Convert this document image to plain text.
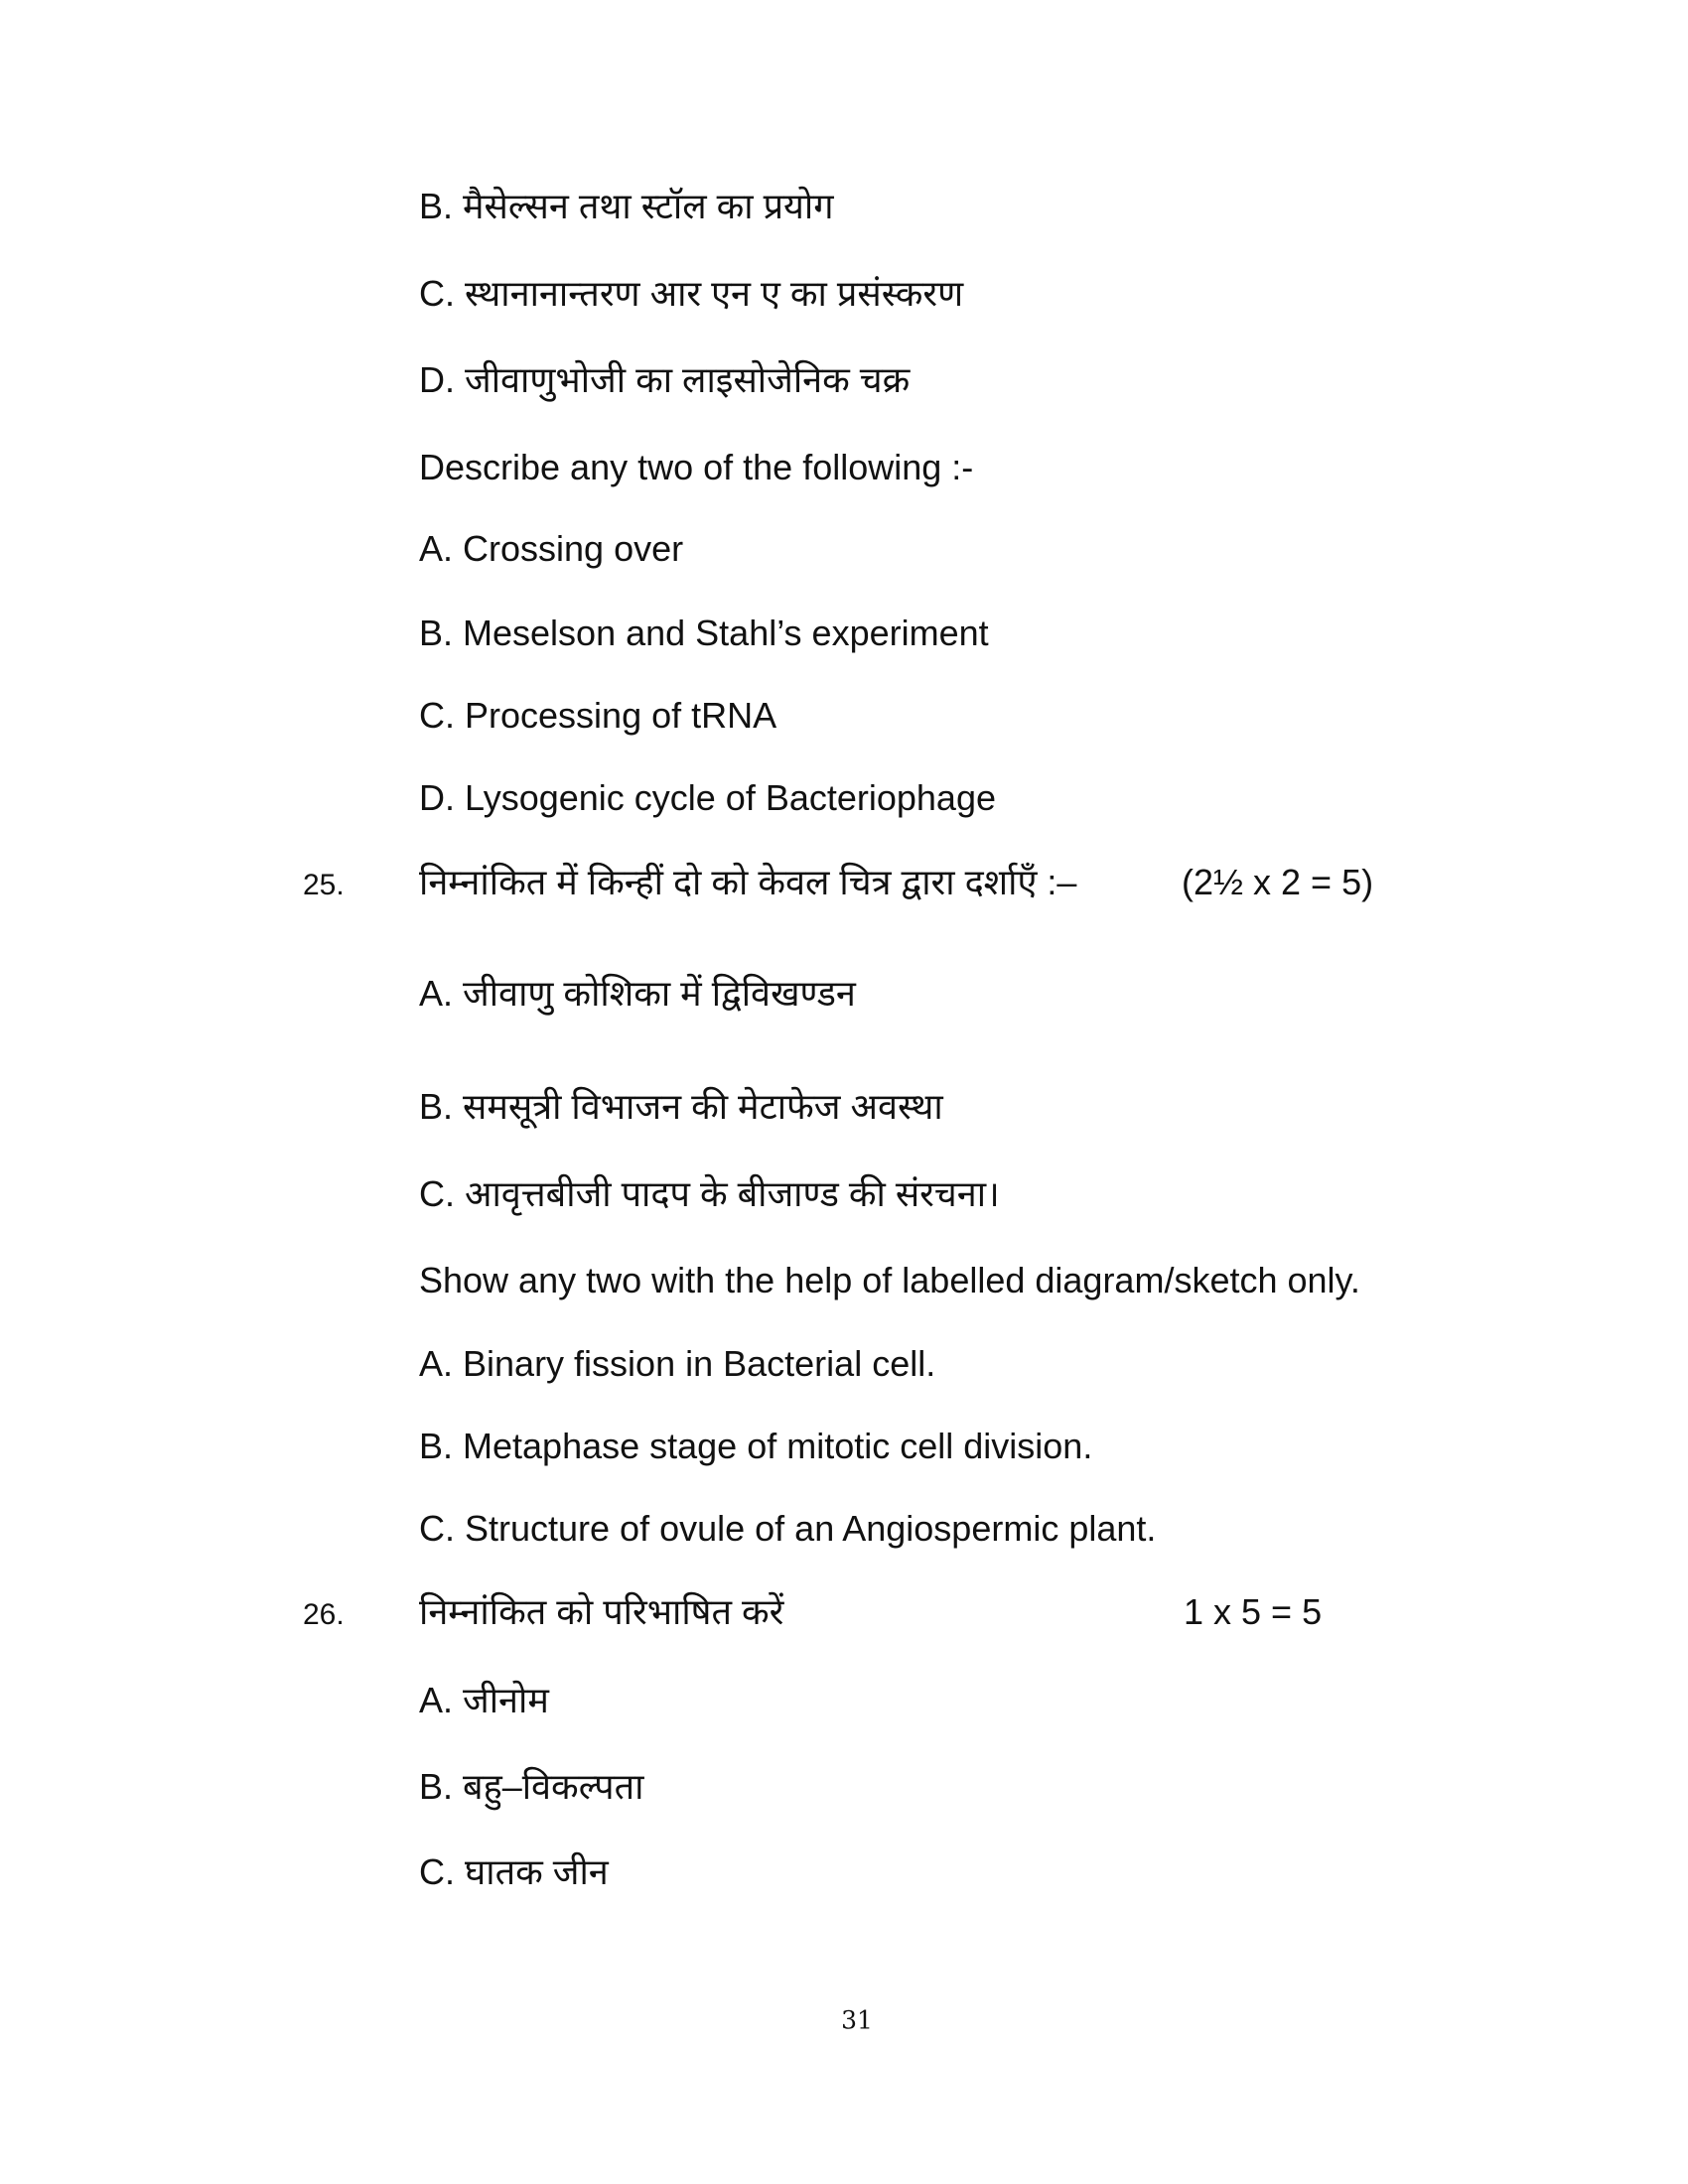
B. मैसेल्सन तथा स्टॉल का प्रयोग
C. स्थानानान्तरण आर एन ए का प्रसंस्करण
D. जीवाणुभोजी का लाइसोजेनिक चक्र
Describe any two of the following :-
A. Crossing over
B. Meselson and Stahl’s experiment
C. Processing of tRNA
D. Lysogenic cycle of Bacteriophage
25. निम्नांकित में किन्हीं दो को केवल चित्र द्वारा दर्शाएँ :–	(2½ x 2 = 5)
A. जीवाणु कोशिका में द्विविखण्डन
B. समसूत्री विभाजन की मेटाफेज अवस्था
C. आवृत्तबीजी पादप के बीजाण्ड की संरचना।
Show any two with the help of labelled diagram/sketch only.
A. Binary fission in Bacterial cell.
B. Metaphase stage of mitotic cell division.
C. Structure of ovule of an Angiospermic plant.
26. निम्नांकित को परिभाषित करें	1 x 5 = 5
A. जीनोम
B. बहु–विकल्पता
C. घातक जीन
31
